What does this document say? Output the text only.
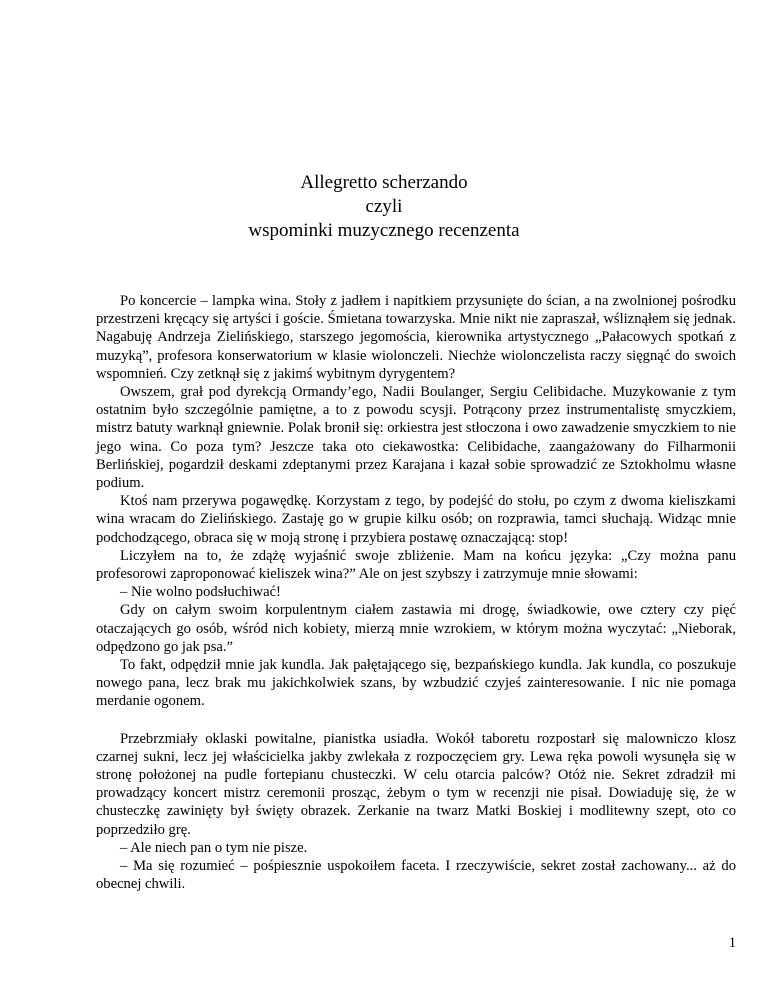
Allegretto scherzando
czyli
wspominki muzycznego recenzenta

Po koncercie – lampka wina. Stoły z jadłem i napitkiem przysunięte do ścian, a na zwolnionej pośrodku przestrzeni kręcący się artyści i goście. Śmietana towarzyska. Mnie nikt nie zapraszał, wśliznąłem się jednak. Nagabuję Andrzeja Zielińskiego, starszego jegomościa, kierownika artystycznego „Pałacowych spotkań z muzyką”, profesora konserwatorium w klasie wiolonczeli. Niechże wiolonczelista raczy sięgnąć do swoich wspomnień. Czy zetknął się z jakimś wybitnym dyrygentem?

Owszem, grał pod dyrekcją Ormandy’ego, Nadii Boulanger, Sergiu Celibidache. Muzykowanie z tym ostatnim było szczególnie pamiętne, a to z powodu scysji. Potrącony przez instrumentalistę smyczkiem, mistrz batuty warknął gniewnie. Polak bronił się: orkiestra jest stłoczona i owo zawadzenie smyczkiem to nie jego wina. Co poza tym? Jeszcze taka oto ciekawostka: Celibidache, zaangażowany do Filharmonii Berlińskiej, pogardził deskami zdeptanymi przez Karajana i kazał sobie sprowadzić ze Sztokholmu własne podium.

Ktoś nam przerywa pogawędkę. Korzystam z tego, by podejść do stołu, po czym z dwoma kieliszkami wina wracam do Zielińskiego. Zastaję go w grupie kilku osób; on rozprawia, tamci słuchają. Widząc mnie podchodzącego, obraca się w moją stronę i przybiera postawę oznaczającą: stop!

Liczyłem na to, że zdążę wyjaśnić swoje zbliżenie. Mam na końcu języka: „Czy można panu profesorowi zaproponować kieliszek wina?” Ale on jest szybszy i zatrzymuje mnie słowami:

– Nie wolno podsłuchiwać!

Gdy on całym swoim korpulentnym ciałem zastawia mi drogę, świadkowie, owe cztery czy pięć otaczających go osób, wśród nich kobiety, mierzą mnie wzrokiem, w którym można wyczytać: „Nieborak, odpędzono go jak psa.”

To fakt, odpędził mnie jak kundla. Jak pałętającego się, bezpańskiego kundla. Jak kundla, co poszukuje nowego pana, lecz brak mu jakichkolwiek szans, by wzbudzić czyjeś zainteresowanie. I nic nie pomaga merdanie ogonem.

Przebrzmiały oklaski powitalne, pianistka usiadła. Wokół taboretu rozpostarł się malowniczo klosz czarnej sukni, lecz jej właścicielka jakby zwlekała z rozpoczęciem gry. Lewa ręka powoli wysunęła się w stronę położonej na pudle fortepianu chusteczki. W celu otarcia palców? Otóż nie. Sekret zdradził mi prowadzący koncert mistrz ceremonii prosząc, żebym o tym w recenzji nie pisał. Dowiaduję się, że w chusteczkę zawinięty był święty obrazek. Zerkanie na twarz Matki Boskiej i modlitewny szept, oto co poprzedziło grę.

– Ale niech pan o tym nie pisze.

– Ma się rozumieć – pośpiesznie uspokoiłem faceta. I rzeczywiście, sekret został zachowany... aż do obecnej chwili.

1
